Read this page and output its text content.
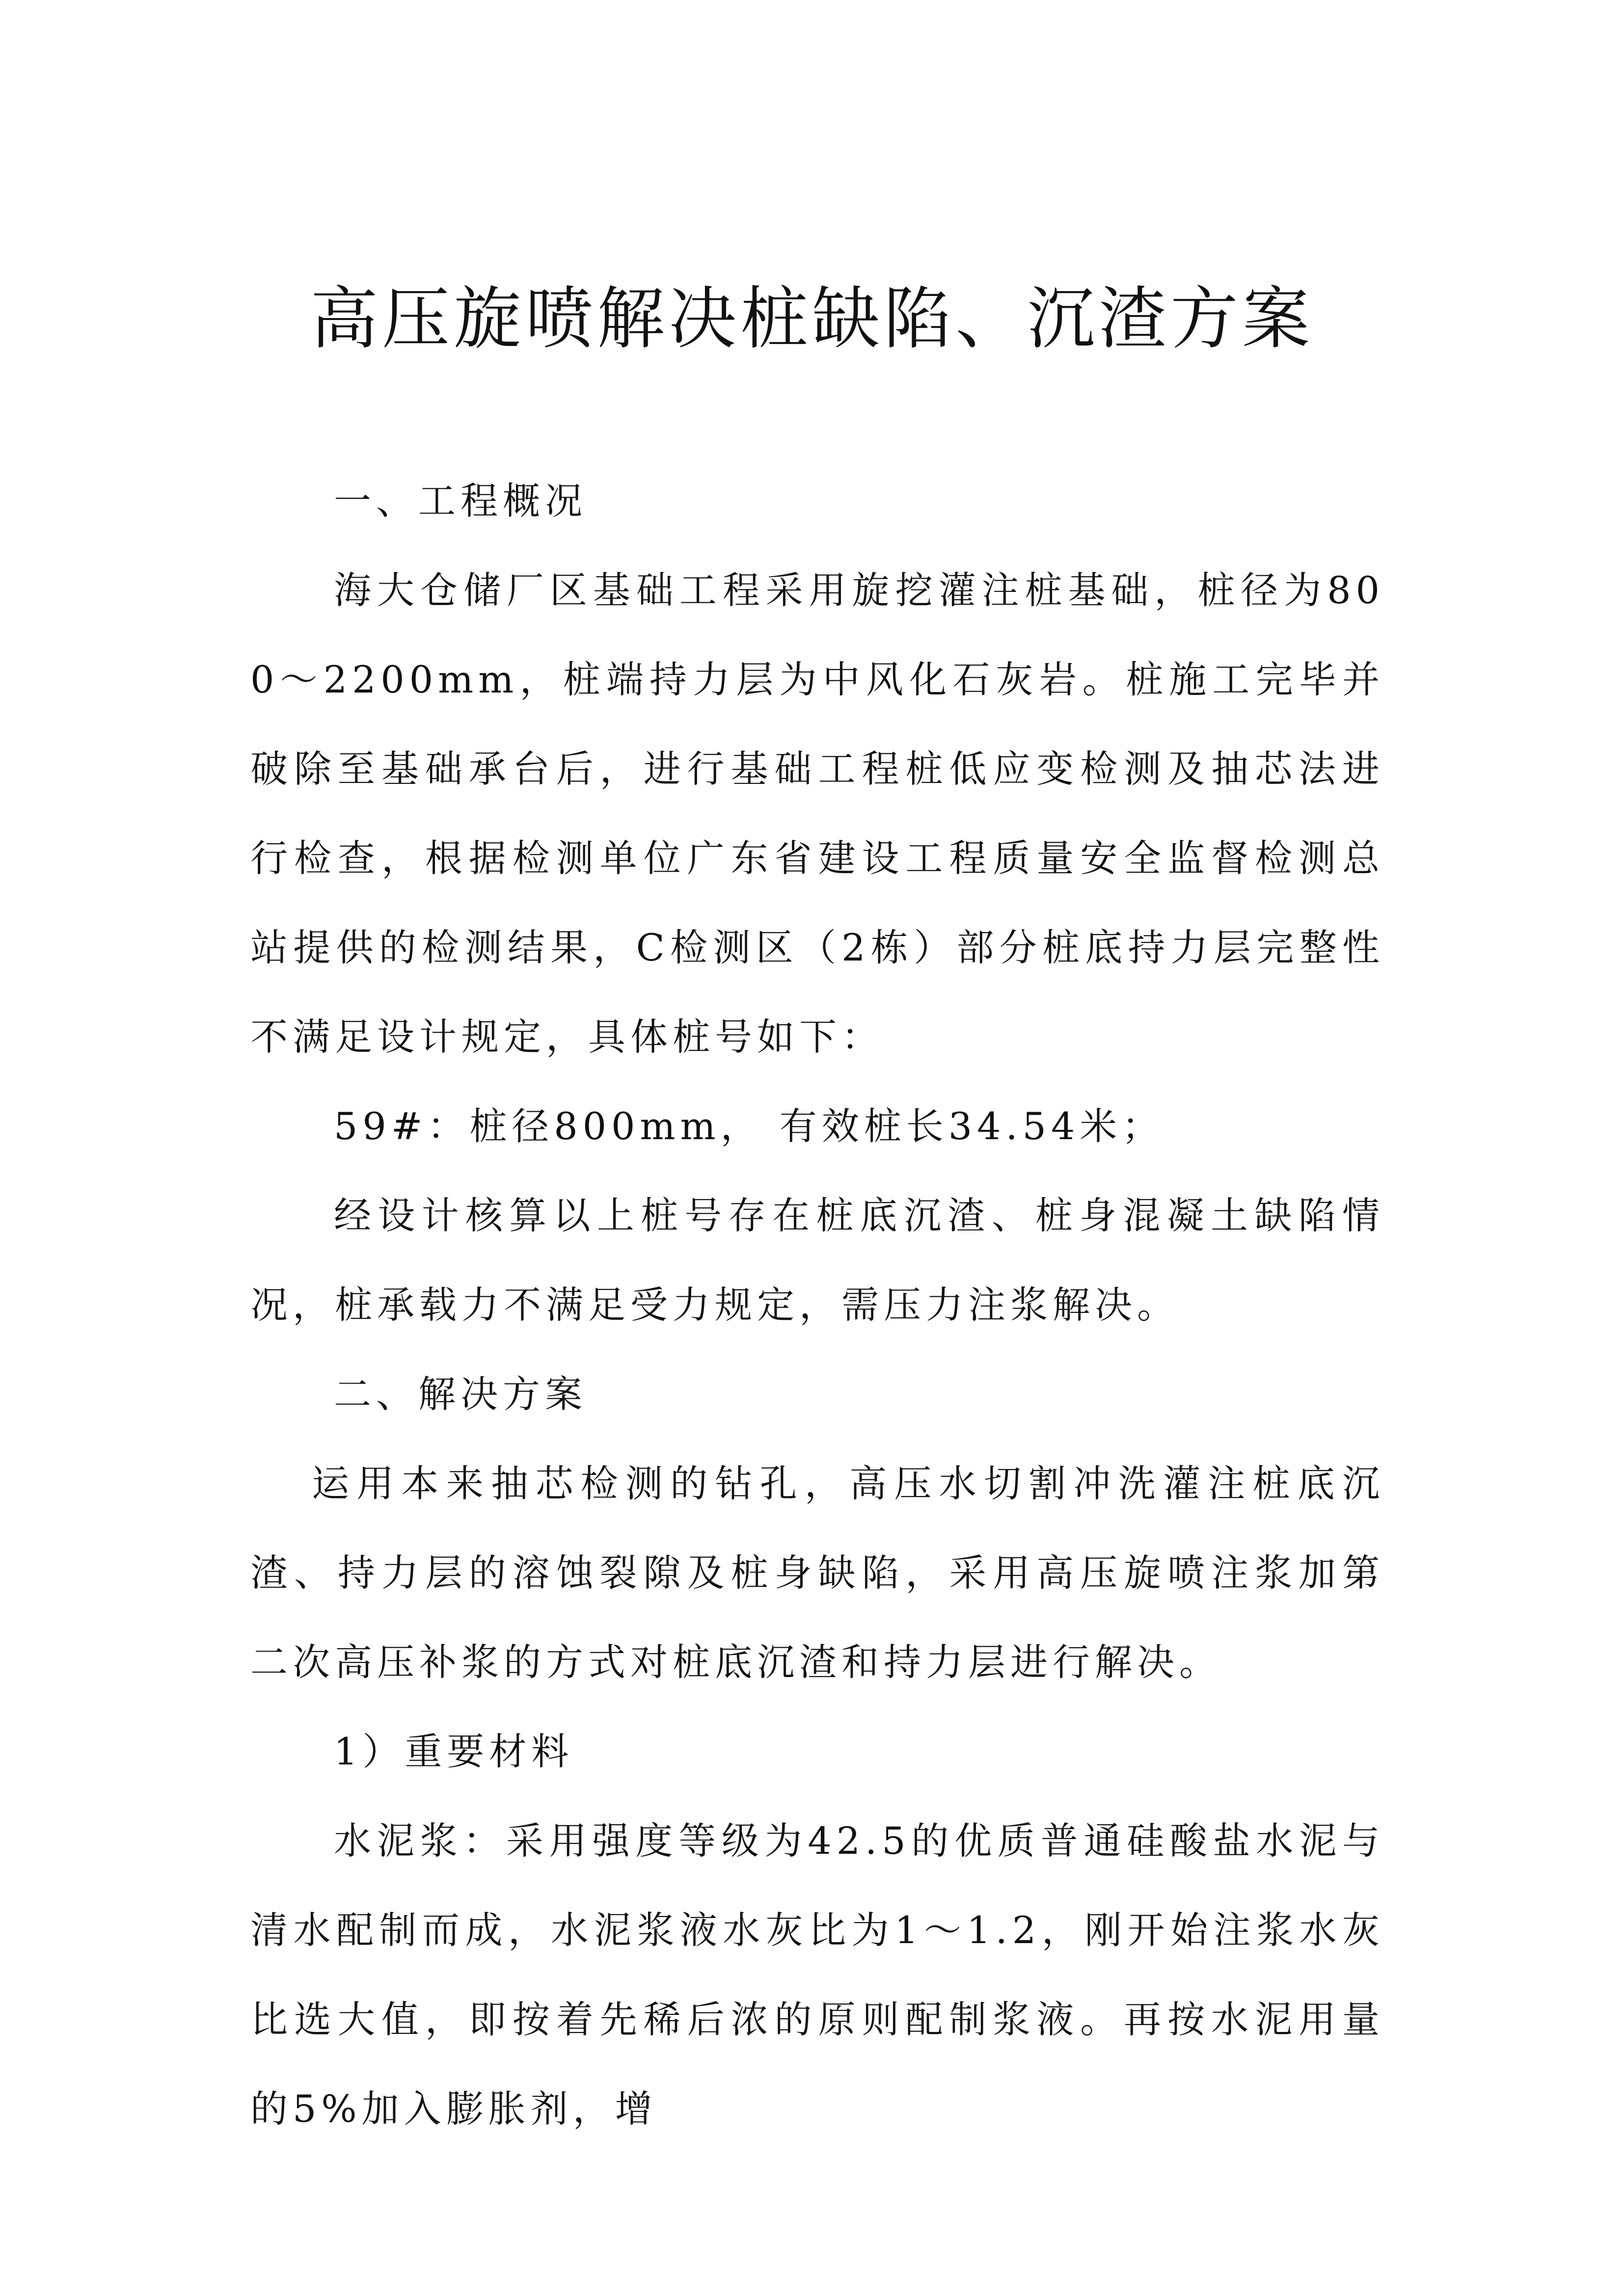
高压旋喷解决桩缺陷、沉渣方案

一、工程概况

海大仓储厂区基础工程采用旋挖灌注桩基础，桩径为800～2200mm，桩端持力层为中风化石灰岩。桩施工完毕并破除至基础承台后，进行基础工程桩低应变检测及抽芯法进行检查，根据检测单位广东省建设工程质量安全监督检测总站提供的检测结果，C检测区（2栋）部分桩底持力层完整性不满足设计规定，具体桩号如下：

59#：桩径800mm， 有效桩长34.54米；

经设计核算以上桩号存在桩底沉渣、桩身混凝土缺陷情况，桩承载力不满足受力规定，需压力注浆解决。

二、解决方案

运用本来抽芯检测的钻孔，高压水切割冲洗灌注桩底沉渣、持力层的溶蚀裂隙及桩身缺陷，采用高压旋喷注浆加第二次高压补浆的方式对桩底沉渣和持力层进行解决。

1）重要材料

水泥浆：采用强度等级为42.5的优质普通硅酸盐水泥与清水配制而成，水泥浆液水灰比为1～1.2，刚开始注浆水灰比选大值，即按着先稀后浓的原则配制浆液。再按水泥用量的5%加入膨胀剂，增
